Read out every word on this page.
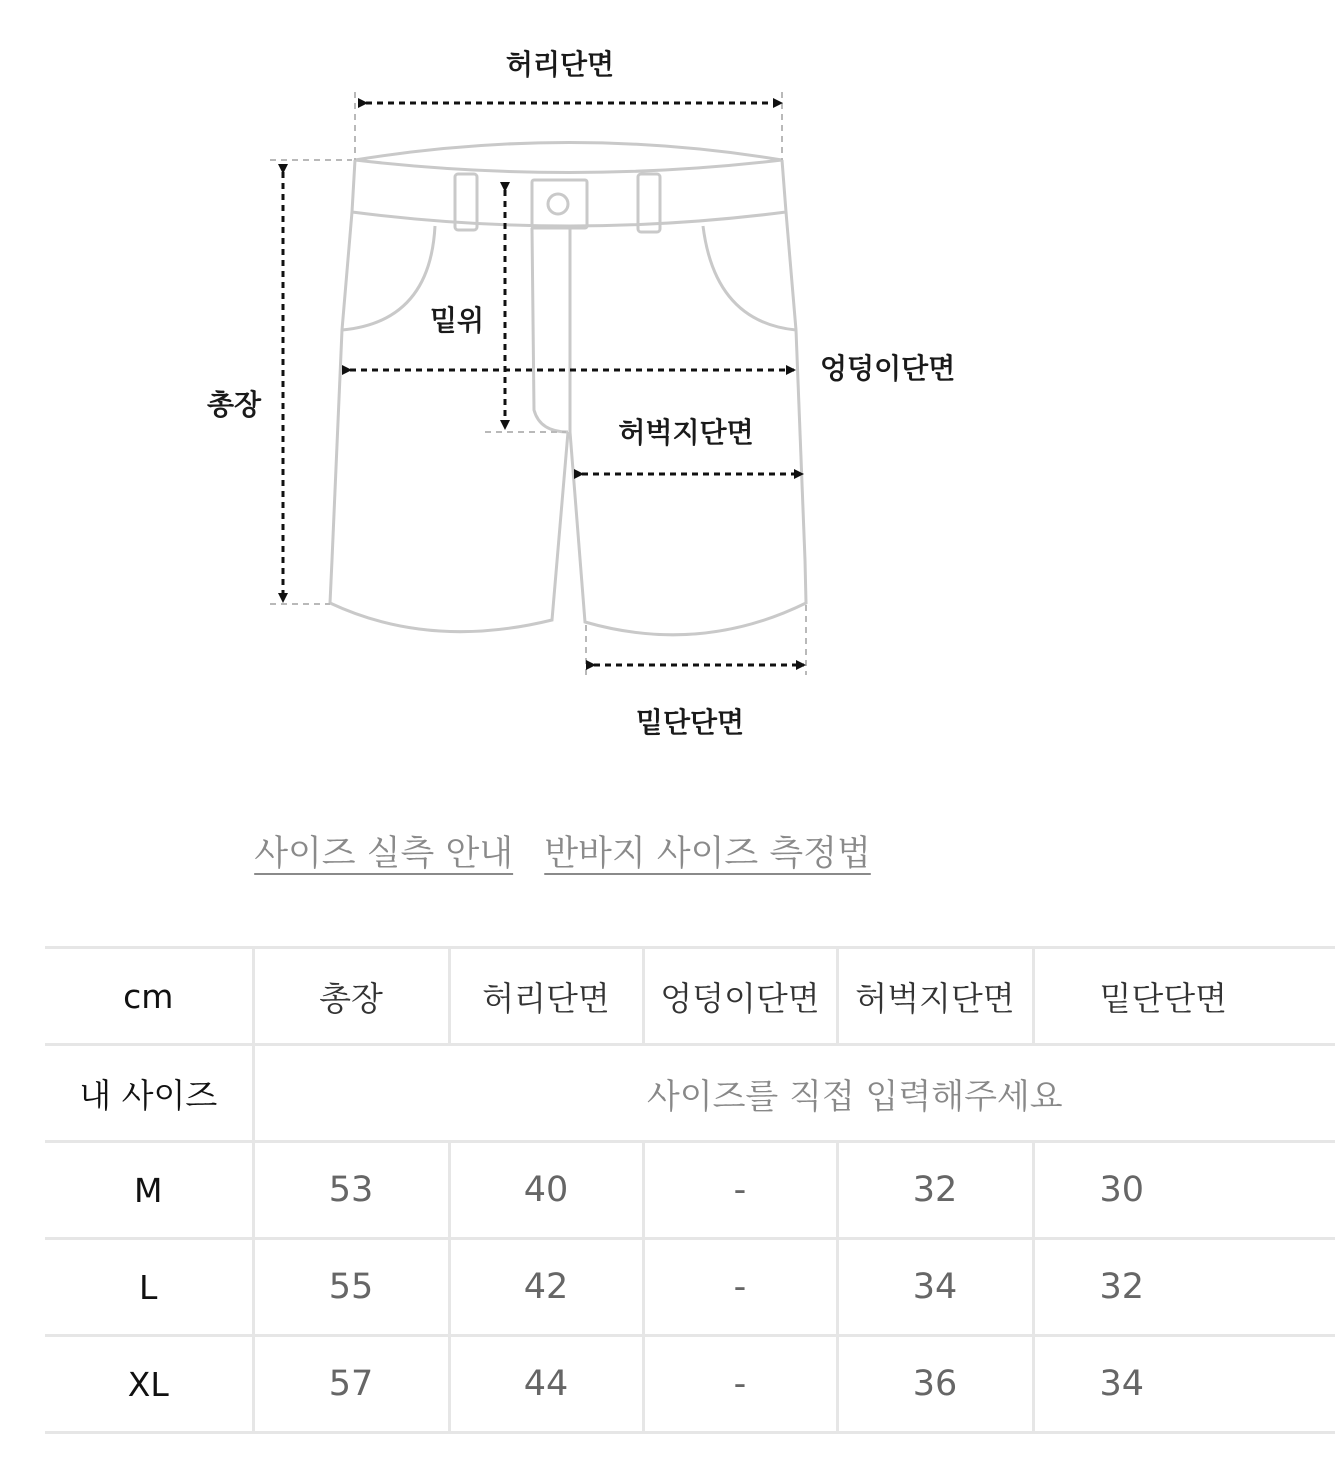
허리단면
밑위
엉덩이단면
총장
허벅지단면
밑단단면
사이즈 실측 안내 반바지 사이즈 측정법
cm	총장	허리단면	엉덩이단면	허벅지단면	밑단단면
내 사이즈	사이즈를 직접 입력해주세요				
M	53	40	-	32	30
L	55	42	-	34	32
XL	57	44	-	36	34
